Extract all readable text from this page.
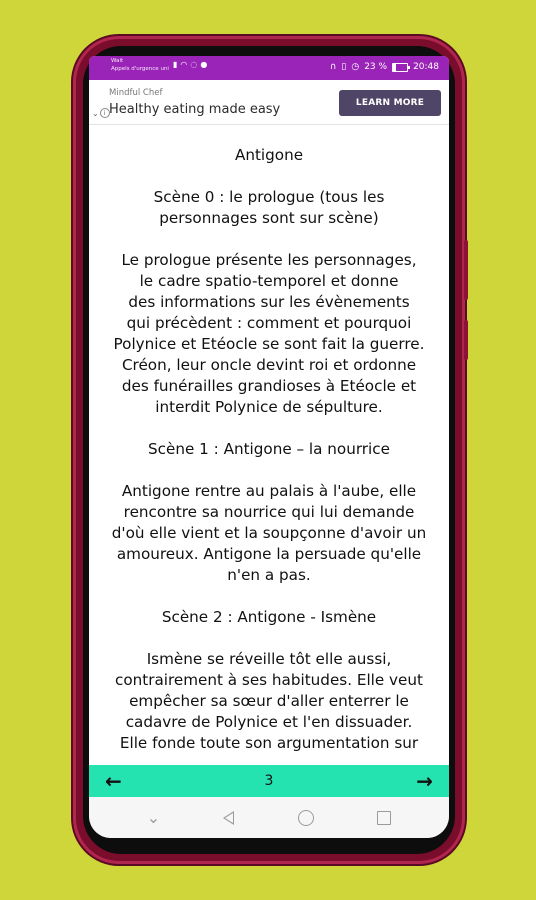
Wait
Appels d'urgence uni ▮ ◠ ◌ ●	∩ ▯ ◷ 23 %	20:48
Mindful Chef
Healthy eating made easy	LEARN MORE
⌄ i

Antigone

Scène 0 : le prologue (tous les
personnages sont sur scène)

Le prologue présente les personnages,
le cadre spatio-temporel et donne
des informations sur les évènements
qui précèdent : comment et pourquoi
Polynice et Etéocle se sont fait la guerre.
Créon, leur oncle devint roi et ordonne
des funérailles grandioses à Etéocle et
interdit Polynice de sépulture.

Scène 1 : Antigone – la nourrice

Antigone rentre au palais à l'aube, elle
rencontre sa nourrice qui lui demande
d'où elle vient et la soupçonne d'avoir un
amoureux. Antigone la persuade qu'elle
n'en a pas.

Scène 2 : Antigone - Ismène

Ismène se réveille tôt elle aussi,
contrairement à ses habitudes. Elle veut
empêcher sa sœur d'aller enterrer le
cadavre de Polynice et l'en dissuader.
Elle fonde toute son argumentation sur

←	3	→
⌄
